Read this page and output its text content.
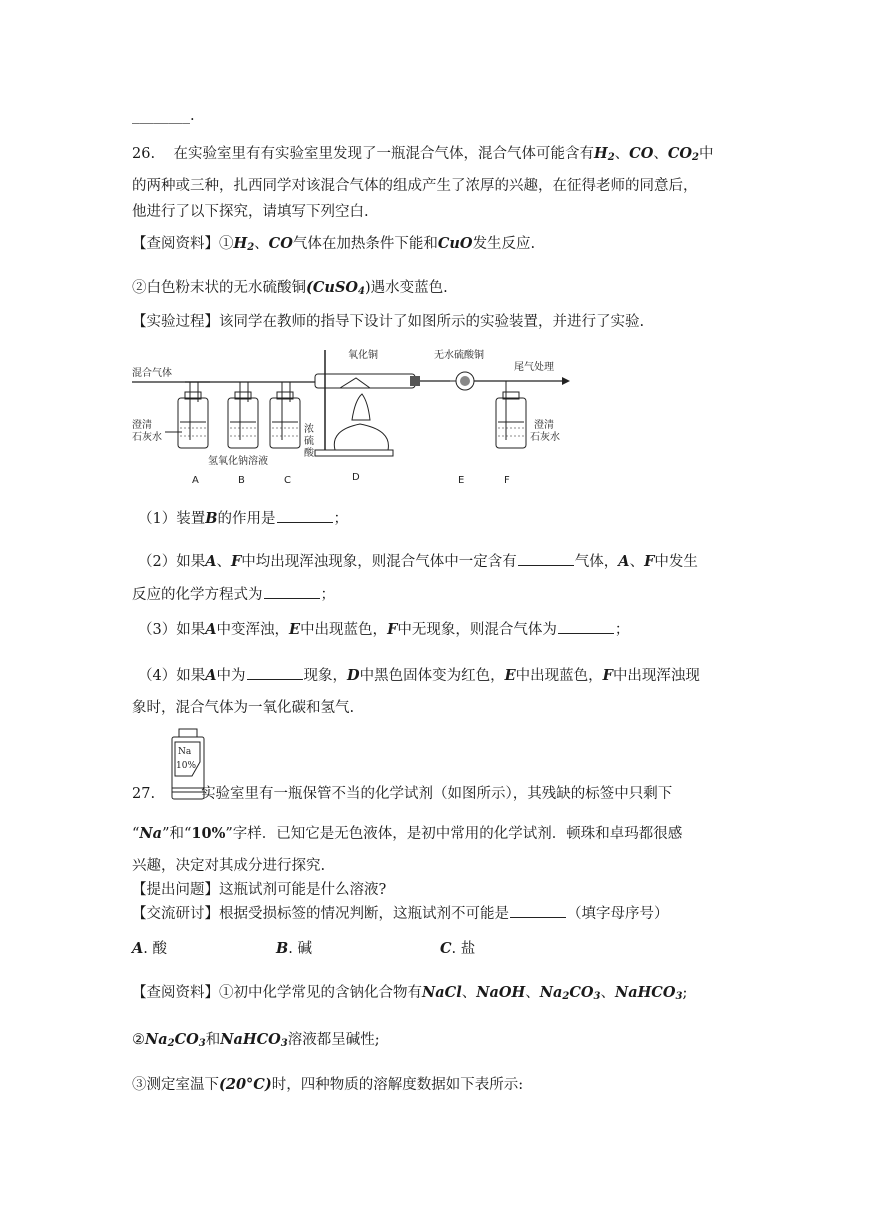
________.
26. 在实验室里有有实验室里发现了一瓶混合气体，混合气体可能含有$H_2$、CO、$CO_2$中
的两种或三种，扎西同学对该混合气体的组成产生了浓厚的兴趣，在征得老师的同意后，
他进行了以下探究，请填写下列空白.
【查阅资料】$①H_2$、CO气体在加热条件下能和CuO发生反应.
②白色粉末状的无水硫酸铜(CuSO$_4$)遇水变蓝色.
【实验过程】该同学在教师的指导下设计了如图所示的实验装置，并进行了实验.
混合气体
澄清
石灰水
氢氧化钠溶液
浓
硫
酸
氧化铜	无水硫酸铜
尾气处理
澄清
石灰水
A	B	C	D	E	F
（1）装置B的作用是	；
（2）如果A、F中均出现浑浊现象，则混合气体中一定含有	气体，A、F中发生
反应的化学方程式为	；
（3）如果A中变浑浊，E中出现蓝色，F中无现象，则混合气体为	；
（4）如果A中为	现象，D中黑色固体变为红色，E中出现蓝色，F中出现浑浊现
象时，混合气体为一氧化碳和氢气.
Na
10%
27.	实验室里有一瓶保管不当的化学试剂（如图所示），其残缺的标签中只剩下
“Na”和“10%”字样．已知它是无色液体，是初中常用的化学试剂．顿珠和卓玛都很感
兴趣，决定对其成分进行探究.
【提出问题】这瓶试剂可能是什么溶液?
【交流研讨】根据受损标签的情况判断，这瓶试剂不可能是	（填字母序号）
A. 酸	B. 碱	C. 盐
【查阅资料】①初中化学常见的含钠化合物有NaCl、NaOH、$Na_2CO_3$、NaHCO$_3$;
$②Na_2CO_3$和NaHCO$_3$溶液都呈碱性;
③测定室温下(20°C)时，四种物质的溶解度数据如下表所示:
